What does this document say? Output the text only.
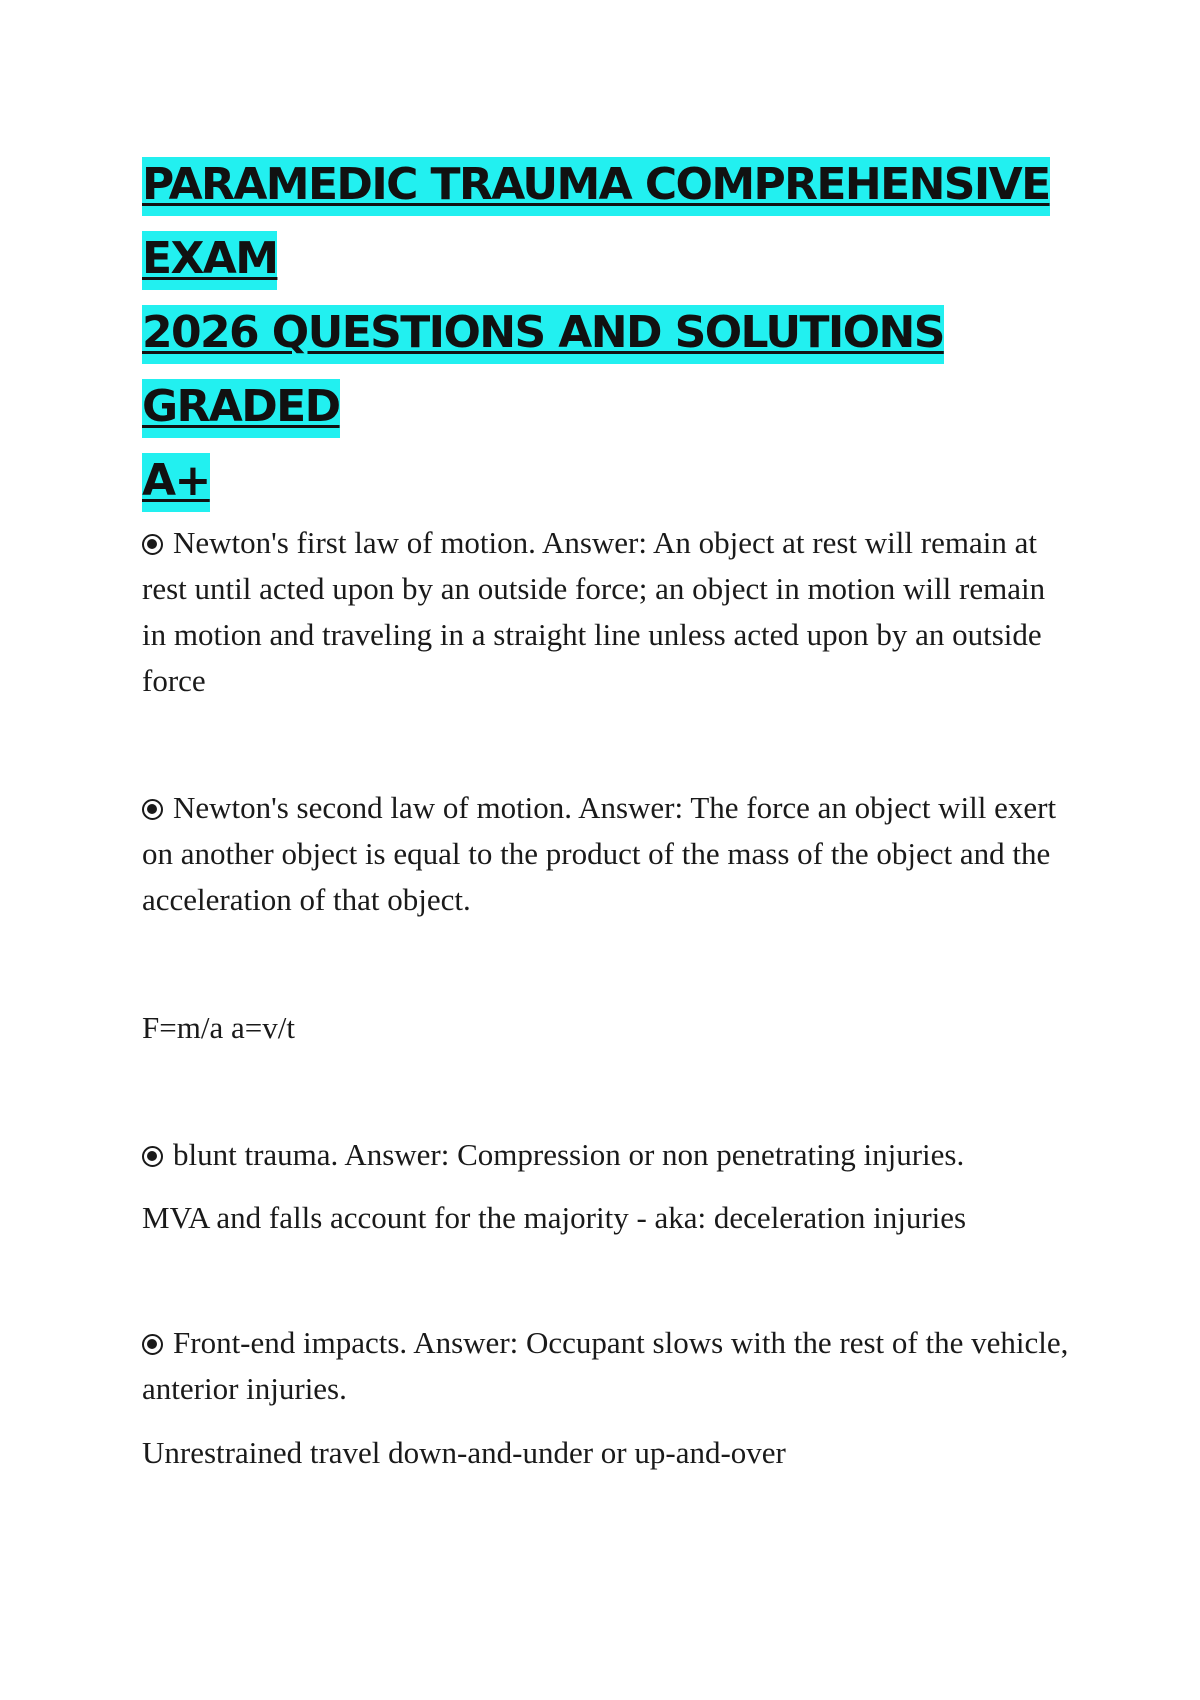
PARAMEDIC TRAUMA COMPREHENSIVE EXAM
2026 QUESTIONS AND SOLUTIONS GRADED
A+

Newton's first law of motion. Answer: An object at rest will remain at rest until acted upon by an outside force; an object in motion will remain in motion and traveling in a straight line unless acted upon by an outside force

Newton's second law of motion. Answer: The force an object will exert on another object is equal to the product of the mass of the object and the acceleration of that object.

F=m/a a=v/t

blunt trauma. Answer: Compression or non penetrating injuries.

MVA and falls account for the majority - aka: deceleration injuries

Front-end impacts. Answer: Occupant slows with the rest of the vehicle, anterior injuries.

Unrestrained travel down-and-under or up-and-over
